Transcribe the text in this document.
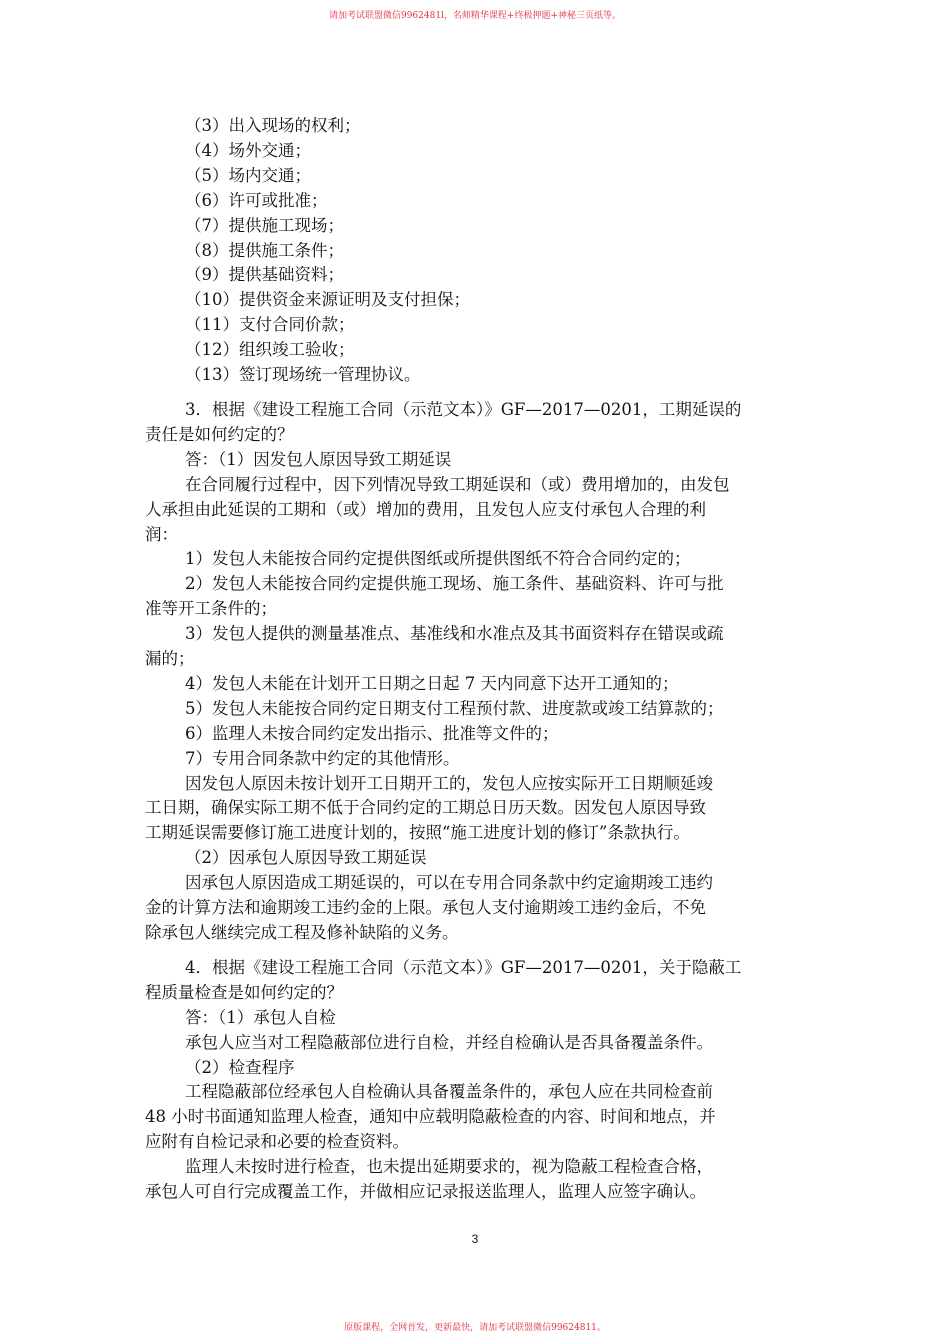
请加考试联盟微信9962481l，名师精华课程+终极押题+神秘三页纸等。

（3）出入现场的权利；

（4）场外交通；

（5）场内交通；

（6）许可或批准；

（7）提供施工现场；

（8）提供施工条件；

（9）提供基础资料；

（10）提供资金来源证明及支付担保；

（11）支付合同价款；

（12）组织竣工验收；

（13）签订现场统一管理协议。

3．根据《建设工程施工合同（示范文本）》GF—2017—0201，工期延误的

责任是如何约定的？

答：（1）因发包人原因导致工期延误

在合同履行过程中，因下列情况导致工期延误和（或）费用增加的，由发包

人承担由此延误的工期和（或）增加的费用，且发包人应支付承包人合理的利

润：

1）发包人未能按合同约定提供图纸或所提供图纸不符合合同约定的；

2）发包人未能按合同约定提供施工现场、施工条件、基础资料、许可与批

准等开工条件的；

3）发包人提供的测量基准点、基准线和水准点及其书面资料存在错误或疏

漏的；

4）发包人未能在计划开工日期之日起 7 天内同意下达开工通知的；

5）发包人未能按合同约定日期支付工程预付款、进度款或竣工结算款的；

6）监理人未按合同约定发出指示、批准等文件的；

7）专用合同条款中约定的其他情形。

因发包人原因未按计划开工日期开工的，发包人应按实际开工日期顺延竣

工日期，确保实际工期不低于合同约定的工期总日历天数。因发包人原因导致

工期延误需要修订施工进度计划的，按照“施工进度计划的修订”条款执行。

（2）因承包人原因导致工期延误

因承包人原因造成工期延误的，可以在专用合同条款中约定逾期竣工违约

金的计算方法和逾期竣工违约金的上限。承包人支付逾期竣工违约金后，不免

除承包人继续完成工程及修补缺陷的义务。

4．根据《建设工程施工合同（示范文本）》GF—2017—0201，关于隐蔽工

程质量检查是如何约定的？

答：（1）承包人自检

承包人应当对工程隐蔽部位进行自检，并经自检确认是否具备覆盖条件。

（2）检查程序

工程隐蔽部位经承包人自检确认具备覆盖条件的，承包人应在共同检查前

48 小时书面通知监理人检查，通知中应载明隐蔽检查的内容、时间和地点，并

应附有自检记录和必要的检查资料。

监理人未按时进行检查，也未提出延期要求的，视为隐蔽工程检查合格，

承包人可自行完成覆盖工作，并做相应记录报送监理人，监理人应签字确认。

3
原版课程，全网首发，更新最快，请加考试联盟微信99624811。
